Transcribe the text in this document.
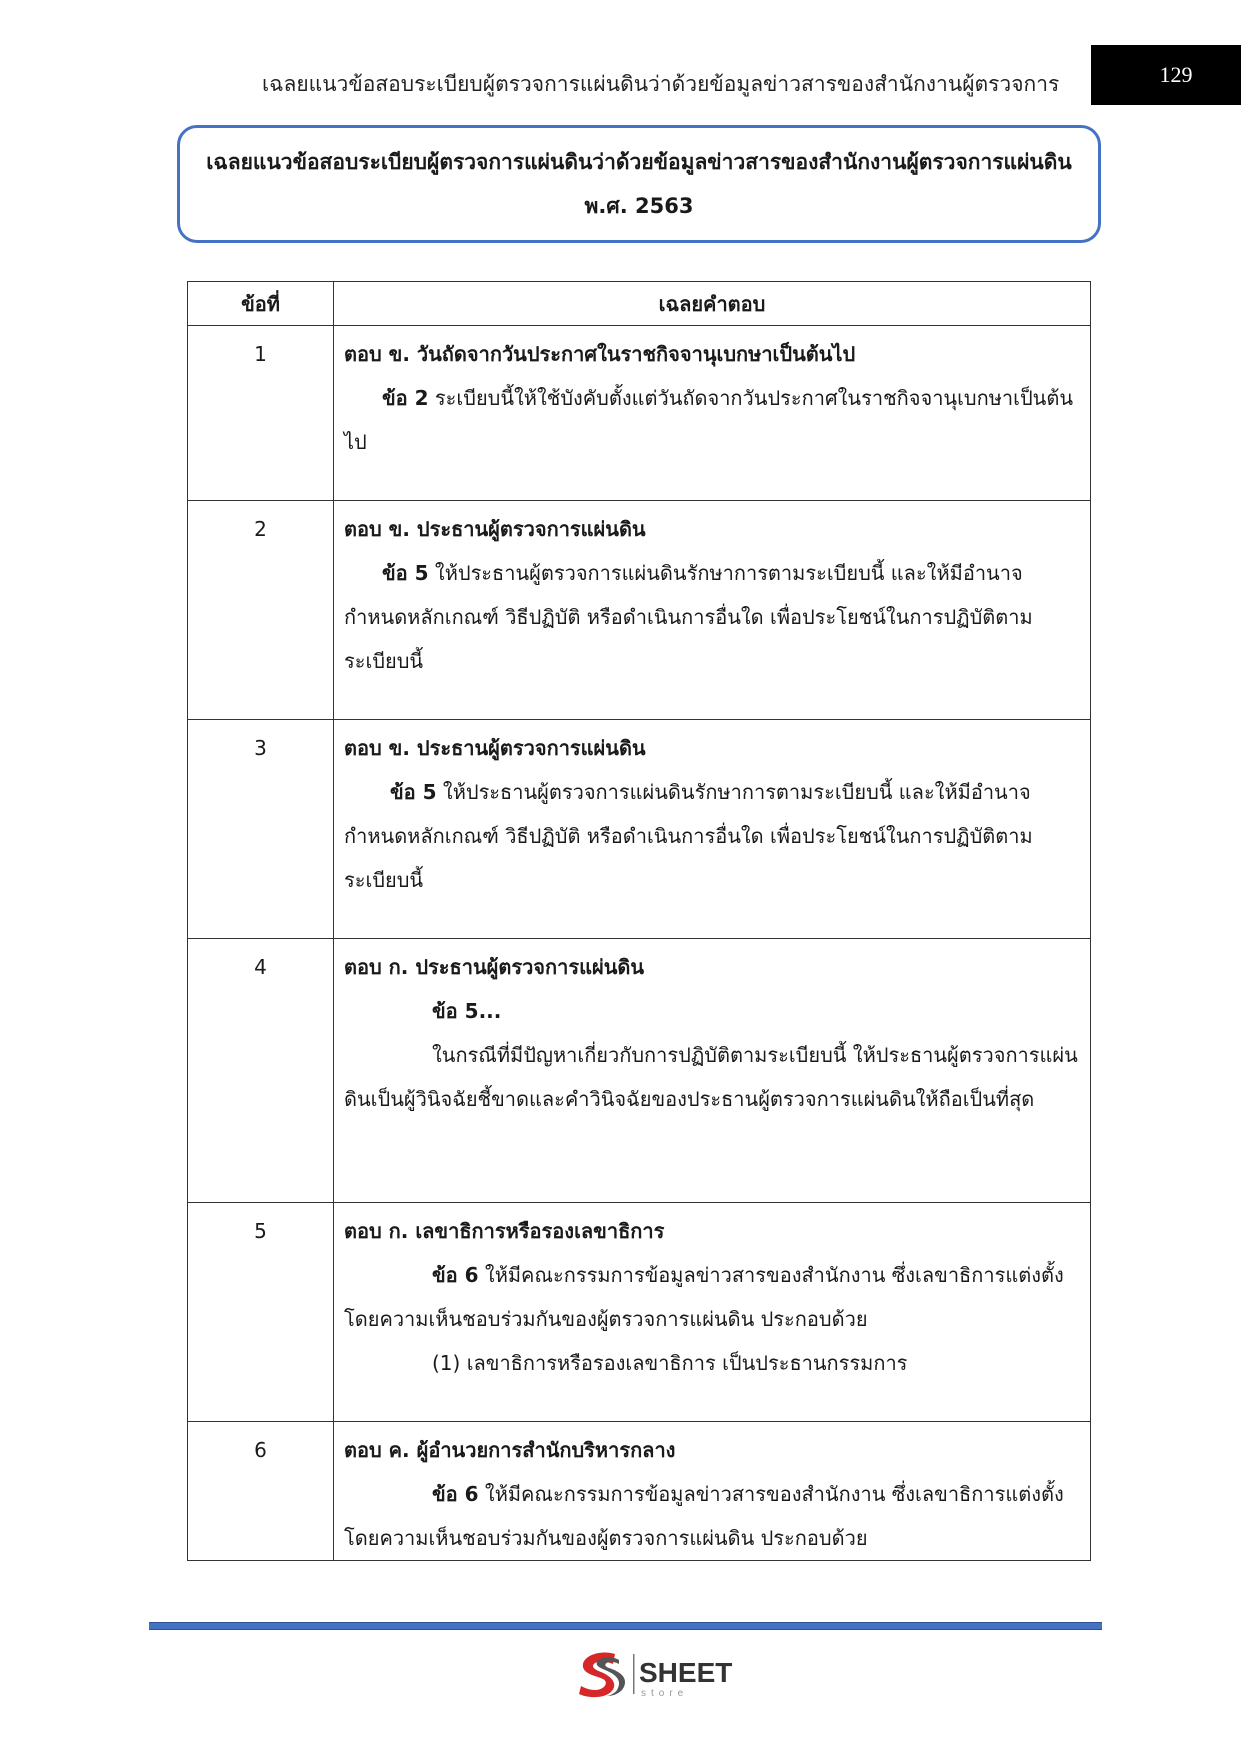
เฉลยแนวข้อสอบระเบียบผู้ตรวจการแผ่นดินว่าด้วยข้อมูลข่าวสารของสำนักงานผู้ตรวจการ	129
เฉลยแนวข้อสอบระเบียบผู้ตรวจการแผ่นดินว่าด้วยข้อมูลข่าวสารของสำนักงานผู้ตรวจการแผ่นดิน
พ.ศ. 2563
ข้อที่	เฉลยคำตอบ
1	ตอบ ข. วันถัดจากวันประกาศในราชกิจจานุเบกษาเป็นต้นไป

ข้อ 2 ระเบียบนี้ให้ใช้บังคับตั้งแต่วันถัดจากวันประกาศในราชกิจจานุเบกษาเป็นต้นไป

2	ตอบ ข. ประธานผู้ตรวจการแผ่นดิน

ข้อ 5 ให้ประธานผู้ตรวจการแผ่นดินรักษาการตามระเบียบนี้ และให้มีอำนาจกำหนดหลักเกณฑ์ วิธีปฏิบัติ หรือดำเนินการอื่นใด เพื่อประโยชน์ในการปฏิบัติตามระเบียบนี้

3	ตอบ ข. ประธานผู้ตรวจการแผ่นดิน

ข้อ 5 ให้ประธานผู้ตรวจการแผ่นดินรักษาการตามระเบียบนี้ และให้มีอำนาจกำหนดหลักเกณฑ์ วิธีปฏิบัติ หรือดำเนินการอื่นใด เพื่อประโยชน์ในการปฏิบัติตามระเบียบนี้

4	ตอบ ก. ประธานผู้ตรวจการแผ่นดิน

ข้อ 5...

ในกรณีที่มีปัญหาเกี่ยวกับการปฏิบัติตามระเบียบนี้ ให้ประธานผู้ตรวจการแผ่นดินเป็นผู้วินิจฉัยชี้ขาดและคำวินิจฉัยของประธานผู้ตรวจการแผ่นดินให้ถือเป็นที่สุด

5	ตอบ ก. เลขาธิการหรือรองเลขาธิการ

ข้อ 6 ให้มีคณะกรรมการข้อมูลข่าวสารของสำนักงาน ซึ่งเลขาธิการแต่งตั้งโดยความเห็นชอบร่วมกันของผู้ตรวจการแผ่นดิน ประกอบด้วย

(1) เลขาธิการหรือรองเลขาธิการ เป็นประธานกรรมการ

6	ตอบ ค. ผู้อำนวยการสำนักบริหารกลาง

ข้อ 6 ให้มีคณะกรรมการข้อมูลข่าวสารของสำนักงาน ซึ่งเลขาธิการแต่งตั้งโดยความเห็นชอบร่วมกันของผู้ตรวจการแผ่นดิน ประกอบด้วย

SHEET
store
